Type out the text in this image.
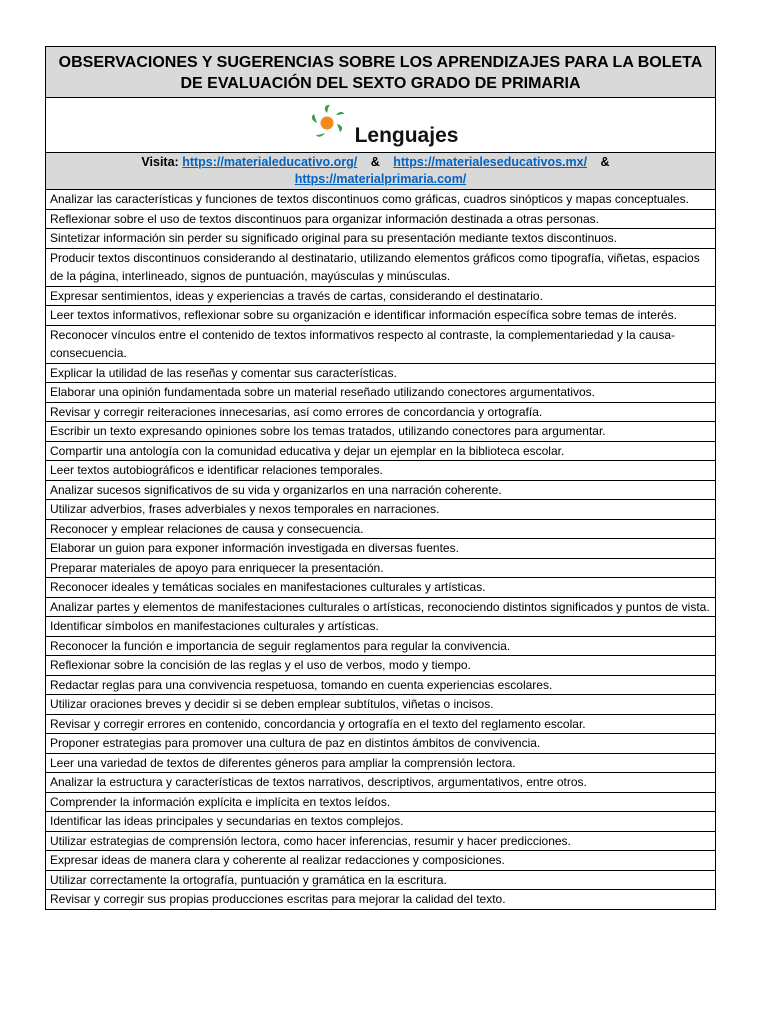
OBSERVACIONES Y SUGERENCIAS SOBRE LOS APRENDIZAJES PARA LA BOLETA
DE EVALUACIÓN DEL SEXTO GRADO DE PRIMARIA

Lenguajes

Visita: https://materialeducativo.org/ & https://materialeseducativos.mx/ &
https://materialprimaria.com/

Analizar las características y funciones de textos discontinuos como gráficas, cuadros sinópticos y mapas conceptuales.

Reflexionar sobre el uso de textos discontinuos para organizar información destinada a otras personas.

Sintetizar información sin perder su significado original para su presentación mediante textos discontinuos.

Producir textos discontinuos considerando al destinatario, utilizando elementos gráficos como tipografía, viñetas, espacios de la página, interlineado, signos de puntuación, mayúsculas y minúsculas.

Expresar sentimientos, ideas y experiencias a través de cartas, considerando el destinatario.

Leer textos informativos, reflexionar sobre su organización e identificar información específica sobre temas de interés.

Reconocer vínculos entre el contenido de textos informativos respecto al contraste, la complementariedad y la causa-consecuencia.

Explicar la utilidad de las reseñas y comentar sus características.

Elaborar una opinión fundamentada sobre un material reseñado utilizando conectores argumentativos.

Revisar y corregir reiteraciones innecesarias, así como errores de concordancia y ortografía.

Escribir un texto expresando opiniones sobre los temas tratados, utilizando conectores para argumentar.

Compartir una antología con la comunidad educativa y dejar un ejemplar en la biblioteca escolar.

Leer textos autobiográficos e identificar relaciones temporales.

Analizar sucesos significativos de su vida y organizarlos en una narración coherente.

Utilizar adverbios, frases adverbiales y nexos temporales en narraciones.

Reconocer y emplear relaciones de causa y consecuencia.

Elaborar un guion para exponer información investigada en diversas fuentes.

Preparar materiales de apoyo para enriquecer la presentación.

Reconocer ideales y temáticas sociales en manifestaciones culturales y artísticas.

Analizar partes y elementos de manifestaciones culturales o artísticas, reconociendo distintos significados y puntos de vista.

Identificar símbolos en manifestaciones culturales y artísticas.

Reconocer la función e importancia de seguir reglamentos para regular la convivencia.

Reflexionar sobre la concisión de las reglas y el uso de verbos, modo y tiempo.

Redactar reglas para una convivencia respetuosa, tomando en cuenta experiencias escolares.

Utilizar oraciones breves y decidir si se deben emplear subtítulos, viñetas o incisos.

Revisar y corregir errores en contenido, concordancia y ortografía en el texto del reglamento escolar.

Proponer estrategias para promover una cultura de paz en distintos ámbitos de convivencia.

Leer una variedad de textos de diferentes géneros para ampliar la comprensión lectora.

Analizar la estructura y características de textos narrativos, descriptivos, argumentativos, entre otros.

Comprender la información explícita e implícita en textos leídos.

Identificar las ideas principales y secundarias en textos complejos.

Utilizar estrategias de comprensión lectora, como hacer inferencias, resumir y hacer predicciones.

Expresar ideas de manera clara y coherente al realizar redacciones y composiciones.

Utilizar correctamente la ortografía, puntuación y gramática en la escritura.

Revisar y corregir sus propias producciones escritas para mejorar la calidad del texto.
